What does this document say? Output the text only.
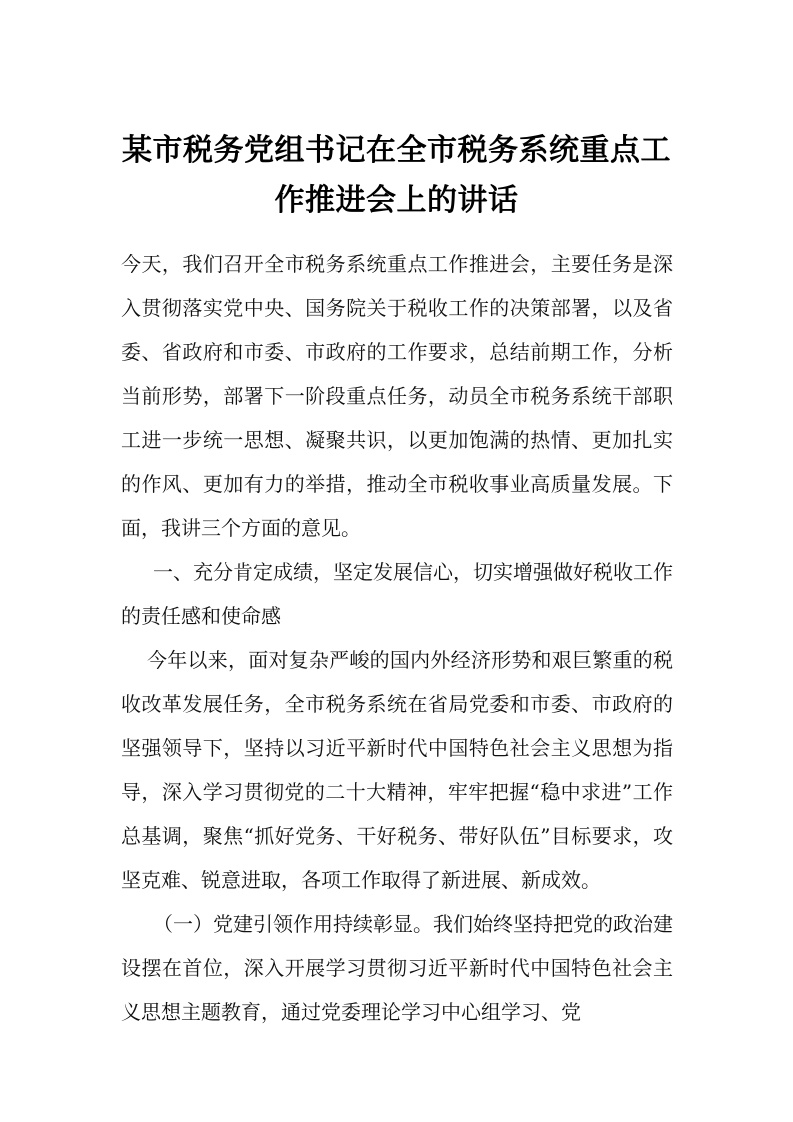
某市税务党组书记在全市税务系统重点工
作推进会上的讲话

今天，我们召开全市税务系统重点工作推进会，主要任务是深入贯彻落实党中央、国务院关于税收工作的决策部署，以及省委、省政府和市委、市政府的工作要求，总结前期工作，分析当前形势，部署下一阶段重点任务，动员全市税务系统干部职工进一步统一思想、凝聚共识，以更加饱满的热情、更加扎实的作风、更加有力的举措，推动全市税收事业高质量发展。下面，我讲三个方面的意见。

一、充分肯定成绩，坚定发展信心，切实增强做好税收工作的责任感和使命感

今年以来，面对复杂严峻的国内外经济形势和艰巨繁重的税收改革发展任务，全市税务系统在省局党委和市委、市政府的坚强领导下，坚持以习近平新时代中国特色社会主义思想为指导，深入学习贯彻党的二十大精神，牢牢把握“稳中求进”工作总基调，聚焦“抓好党务、干好税务、带好队伍”目标要求，攻坚克难、锐意进取，各项工作取得了新进展、新成效。

（一）党建引领作用持续彰显。我们始终坚持把党的政治建设摆在首位，深入开展学习贯彻习近平新时代中国特色社会主义思想主题教育，通过党委理论学习中心组学习、党
